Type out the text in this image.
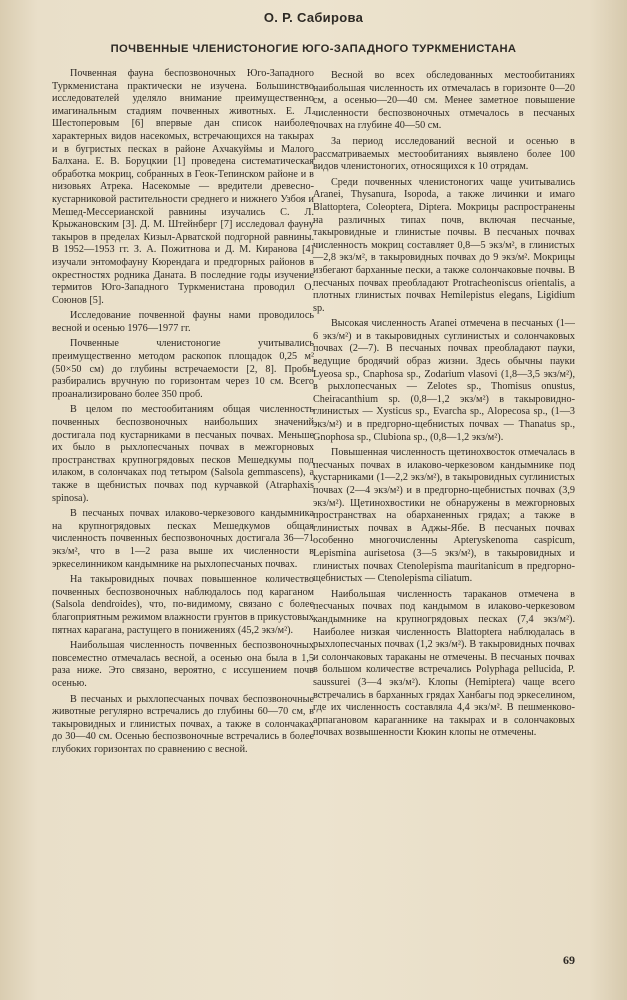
О. Р. Сабирова
ПОЧВЕННЫЕ ЧЛЕНИСТОНОГИЕ ЮГО-ЗАПАДНОГО ТУРКМЕНИСТАНА

Почвенная фауна беспозвоночных Юго-Западного Туркменистана практически не изучена. Большинство исследователей уделяло внимание преимущественно имагинальным стадиям почвенных животных. Е. Л. Шестоперовым [6] впервые дан список наиболее характерных видов насекомых, встречающихся на такырах и в бугристых песках в районе Ахчакуймы и Малого Балхана. Е. В. Боруцкии [1] проведена систематическая обработка мокриц, собранных в Геок-Тепинском районе и в низовьях Атрека. Насекомые — вредители древесно-кустарниковой растительности среднего и нижнего Узбоя и Мешед-Мессерианской равнины изучались С. Л. Крыжановским [3]. Д. М. Штейнберг [7] исследовал фауну такыров в пределах Кизыл-Арватской подгорной равнины. В 1952—1953 гг. З. А. Пожитнова и Д. М. Киранова [4] изучали энтомофауну Кюрендага и предгорных районов в окрестностях родника Даната. В последние годы изучение термитов Юго-Западного Туркменистана проводил О. Союнов [5].

Исследование почвенной фауны нами проводилось весной и осенью 1976—1977 гг.

Почвенные членистоногие учитывались преимущественно методом раскопок площадок 0,25 м² (50×50 см) до глубины встречаемости [2, 8]. Пробы разбирались вручную по горизонтам через 10 см. Всего проанализировано более 350 проб.

В целом по местообитаниям общая численность почвенных беспозвоночных наибольших значений достигала под кустарниками в песчаных почвах. Меньше их было в рыхлопесчаных почвах в межгорновых пространствах крупногрядовых песков Мешедкумы под илаком, в солончаках под тетыром (Salsola gemmascens), а также в щебнистых почвах под курчавкой (Atraphaxis spinosa).

В песчаных почвах илаково-черкезового кандымника на крупногрядовых песках Мешедкумов общая численность почвенных беспозвоночных достигала 36—71 экз/м², что в 1—2 раза выше их численности в эркеселинником кандымнике на рыхлопесчаных почвах.

На такыровидных почвах повышенное количество почвенных беспозвоночных наблюдалось под караганом (Salsola dendroides), что, по-видимому, связано с более благоприятным режимом влажности грунтов в прикустовых пятнах карагана, растущего в понижениях (45,2 экз/м²).

Наибольшая численность почвенных беспозвоночных повсеместно отмечалась весной, а осенью она была в 1,5 раза ниже. Это связано, вероятно, с иссушением почв осенью.

В песчаных и рыхлопесчаных почвах беспозвоночные животные регулярно встречались до глубины 60—70 см, в такыровидных и глинистых почвах, а также в солончаках до 30—40 см. Осенью беспозвоночные встречались в более глубоких горизонтах по сравнению с весной.

Весной во всех обследованных местообитаниях наибольшая численность их отмечалась в горизонте 0—20 см, а осенью—20—40 см. Менее заметное повышение численности беспозвоночных отмечалось в песчаных почвах на глубине 40—50 см.

За период исследований весной и осенью в рассматриваемых местообитаниях выявлено более 100 видов членистоногих, относящихся к 10 отрядам.

Среди почвенных членистоногих чаще учитывались Aranei, Thysanura, Isopoda, а также личинки и имаго Blattoptera, Coleoptera, Diptera. Мокрицы распространены на различных типах почв, включая песчаные, такыровидные и глинистые почвы. В песчаных почвах численность мокриц составляет 0,8—5 экз/м², в глинистых—2,8 экз/м², в такыровидных почвах до 9 экз/м². Мокрицы избегают барханные пески, а также солончаковые почвы. В песчаных почвах преобладают Protracheoniscus orientalis, а плотных глинистых почвах Hemilepistus elegans, Ligidium sp.

Высокая численность Aranei отмечена в песчаных (1—6 экз/м²) и в такыровидных суглинистых и солончаковых почвах (2—7). В песчаных почвах преобладают пауки, ведущие бродячий образ жизни. Здесь обычны пауки Lyeosa sp., Cnaphosa sp., Zodarium vlasovi (1,8—3,5 экз/м²), в рыхлопесчаных — Zelotes sp., Thomisus onustus, Cheiracanthium sp. (0,8—1,2 экз/м²) в такыровидно-глинистых — Xysticus sp., Evarcha sp., Alopecosa sp., (1—3 экз/м²) и в предгорно-щебнистых почвах — Thanatus sp., Gnophosa sp., Clubiona sp., (0,8—1,2 экз/м²).

Повышенная численность щетинохвосток отмечалась в песчаных почвах в илаково-черкезовом кандымнике под кустарниками (1—2,2 экз/м²), в такыровидных суглинистых почвах (2—4 экз/м²) и в предгорно-щебнистых почвах (3,9 экз/м²). Щетинохвостики не обнаружены в межгорновых пространствах на обарханенных грядах; а также в глинистых почвах в Аджы-Ябе. В песчаных почвах особенно многочисленны Apteryskenoma caspicum, Lepismina aurisetosa (3—5 экз/м²), в такыровидных и глинистых почвах Ctenolepisma mauritanicum в предгорно-щебнистых — Ctenolepisma ciliatum.

Наибольшая численность тараканов отмечена в песчаных почвах под кандымом в илаково-черкезовом кандымнике на крупногрядовых песках (7,4 экз/м²). Наиболее низкая численность Blattoptera наблюдалась в рыхлопесчаных почвах (1,2 экз/м²). В такыровидных почвах и солончаковых тараканы не отмечены. В песчаных почвах в большом количестве встречались Polyphaga pellucida, P. saussurei (3—4 экз/м²). Клопы (Hemiptera) чаще всего встречались в барханных грядах Ханбагы под эркеселином, где их численность составляла 4,4 экз/м². В пешменково-арпагановом караганнике на такырах и в солончаковых почвах возвышенности Кюкин клопы не отмечены.

69
